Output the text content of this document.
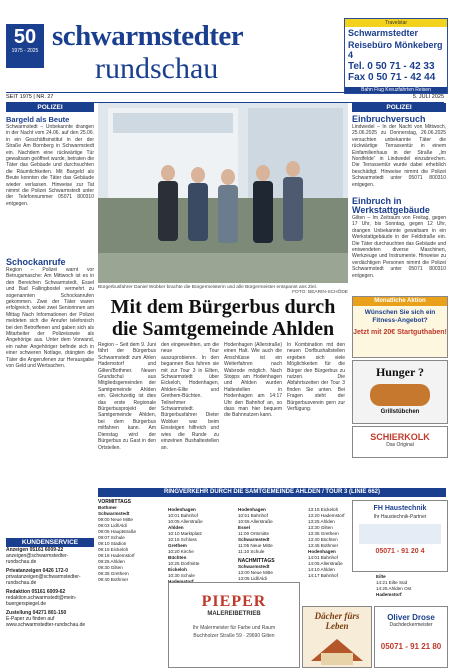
50
1975 - 2025 schwarmstedter
rundschau
Travelstar
Schwarmstedter
Reisebüro Mönkeberg 4
Tel. 0 50 71 - 42 33
Fax 0 50 71 - 42 44
Bahn Flug Kreuzfahrten Reisen
SEIT 1975 | NR. 27	5. JULI 2025
POLIZEI
Bargeld als Beute
Schwarmstedt – Unbekannte drangen in der Nacht vom 24.06. auf den 25.06. in ein Geschäftsinstitut in der der Straße Am Bornberg in Schwarmstedt ein. Nachdem eine rückwärtige Tür gewaltsam geöffnet wurde, betraten die Täter das Gebäude und durchsuchten die Räumlichkeiten. Mit Bargeld als Beute konnten die Täter das Gebäude wieder verlassen. Hinweise zur Tat nimmt die Polizei Schwarmstedt unter der Telefonnummer 05071 800310 entgegen.
Schockanrufe
Region – Polizei warnt vor Betrugsmasche: Am Mittwoch ist es in den Bereichen Schwarmstedt, Essel und Bad Fallingbostel vermehrt zu sogenannten Schockanrufen gekommen. Zwei der Täter waren erfolgreich, wobei zwei Seniorinnen am Mittag Nach Informationen der Polizei meldeten sich die Anrufer telefonisch bei den Betroffenen und gaben sich als Mitarbeiter der Polizeisowie als Angehörige aus. Unter dem Vorwand, ein naher Angehöriger befinde sich in einer schweren Notlage, drängten die Täter die Angerufenen zur Herausgabe von Geld und Wertsachen.
KUNDENSERVICE
Anzeigen 05161 6009-22
anzeigen@schwarmstedter-rundschau.de
Privatanzeigen 0426 172-0
privatanzeigen@schwarmstedter-rundschau.de
Redaktion 05161 6009-62
redaktion.schwarmstedt@mein-buergerspiegel.de
Zustellung 04271 801-150
E-Paper zu finden auf www.schwarmstedter-rundschau.de
Bürgerbusfahrer Daniel Wobker brachte die Bürgermeisterin und alle Bürgermeister entspannt ans Ziel.
FOTO: BEARIN-SCHÖDE
Mit dem Bürgerbus durch die Samtgemeinde Ahlden
Region – Seit dem 9. Juni fährt der Bürgerbus Schwarmstedt zum Ahlen Hademstorf und Gilten/Bothmer. Neuen Grundschul aus Mitgliedsgemeinden der Samtgemeinde Ahlden ein. Gleichzeitig ist dies das erste Regionale Bürgerbusprojekt der Samtgemeinde Ahlden, bei dem Bürgerbus mitfahren kann. Am Dienstag wird der Bürgerbus zu Gast in den Ortsteilen.
den eingeweihten, um die neue Tour auszuprobieren. In den begannen Bus fuhren sie mit zur Tour 3 in Eilten, Schwarmstedt über Eickeloh, Hodenhagen, Ahlden-Eilte und Grethem-Büchten. Teilnehmer Schwarmstedt. Bürgerbusfahrer Dieter Wobker war beim Einsteigen hilfreich und wies die Runde zu einzelnen Bushaltestellen an.
Hodenhagen (Allerstraße) einen Halt. Wie auch die Anschlüsse ist ein Weiterfahren nach Walsrode möglich. Nach Stopps am Hodenhagen und Ahlden wurden Haltestellen in Hodenhagen am 14:17 Uhr den Bahnhof an, so dass man hier bequem die Bahnnutzen kann.
In Kombination mit den neuen Dorfbushaltstellen ergeben sich viele Möglichkeiten für die Bürger den Bürgerbus zu nutzen. Die Abfahrtszeiten der Tour 3 finden Sie unten. Bei Fragen steht der Bürgerbusverein gern zur Verfügung.
POLIZEI
Einbruchversuch
Lindwedel – In der Nacht von Mittwoch, 25.06.2025 zu Donnerstag, 26.06.2025 versuchten unbekannte Täter die rückwärtige Terrassentür in einem Einfamilienhaus in der Straße „Im Nordfelde“ in Lindwedel einzubrechen. Die Terrassentür wurde dabei erheblich beschädigt. Hinweise nimmt die Polizei Schwarmstedt unter 05071 800310 entgegen.
Einbruch in Werkstattgebäude
Gilten – Im Zeitraum von Freitag, gegen 17 Uhr, bis Sonntag, gegen 12 Uhr, drangen Unbekannte gewaltsam in ein Werkstattgebäude in der Feldstraße ein. Die Täter durchsuchten das Gebäude und entwendeten diverse Maschinen, Werkzeuge und Instrumente. Hinweise zu verdächtigen Personen nimmt die Polizei Schwarmstedt unter 05071 800310 entgegen.
Monatliche Aktion
Wünschen Sie sich ein Fitness-Angebot?
Jetzt mit 20€ Startguthaben!
Hunger ?
Grillstübchen
SCHIERKOLK
Das Original
FH Haustechnik
Ihr Haustechnik-Partner
05071 - 91 20 4
RINGVERKEHR DURCH DIE SAMTGEMEINDE AHLDEN / TOUR 3 (LINIE 662)
VORMITTAGS
Bothmer
Schwarmstedt
09:00 Neue Mitte
09:03 Lidl/Aldi
09:05 Hauptstraße
09:07 Schule
09:10 Stadion
09:15 Eickeloh
09:18 Hademstorf
09:25 Ahlden
09:30 Gilten
09:35 Grethem
09:40 Bothmer
Hodenhagen
10:01 Bahnhof
10:05 Allerstraße
Ahlden
10:10 Marktplatz
10:15 Schloss
Grethem
10:20 Kirche
Büchten
10:25 Dorfmitte
Eickeloh
10:30 Schule
Hodenhagen
10:51 Bahnhof
10:55 Allerstraße
Essel
11:00 Ortsmitte
Schwarmstedt
11:05 Neue Mitte
11:10 Schule
NACHMITTAGS
Schwarmstedt
13:00 Neue Mitte
13:05 Lidl/Aldi
13:15 Eickeloh
13:20 Hademstorf
13:25 Ahlden
13:30 Gilten
13:35 Grethem
13:40 Büchten
13:45 Bothmer
Hodenhagen
14:01 Bahnhof
14:05 Allerstraße
14:10 Ahlden
14:17 Bahnhof	Eilte
14:21 Eilte Süd
14:25 Ahlden Ost
Hademstorf
PIEPER
MALEREIBETRIEB
Ihr Malermeister für Farbe und Raum
Buchholzer Straße 59 · 29690 Gilten
Dächer fürs Leben
Oliver Drose
Dachdeckermeister
05071 - 91 21 80
